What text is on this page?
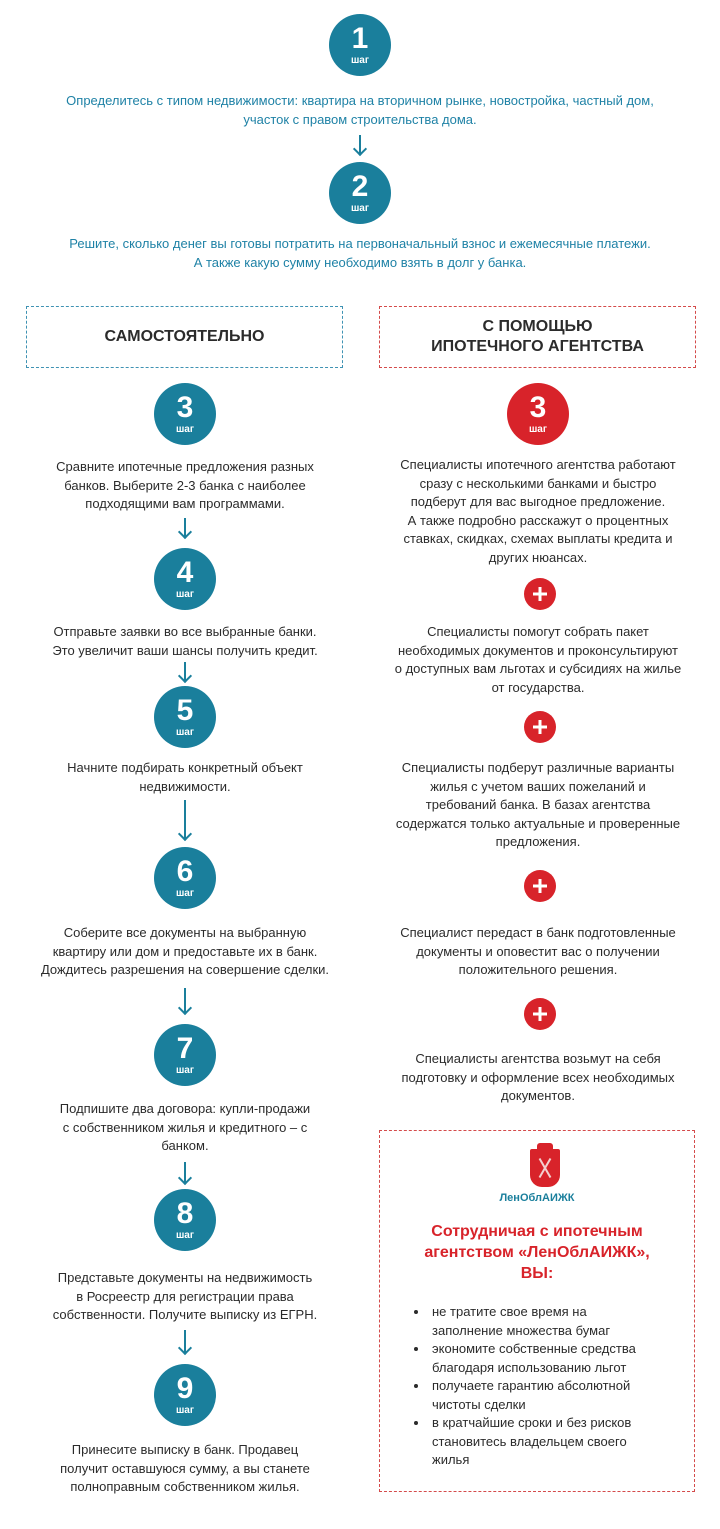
1
шаг
Определитесь с типом недвижимости: квартира на вторичном рынке, новостройка, частный дом,
участок с правом строительства дома.
2
шаг
Решите, сколько денег вы готовы потратить на первоначальный взнос и ежемесячные платежи.
А также какую сумму необходимо взять в долг у банка.
САМОСТОЯТЕЛЬНО
С ПОМОЩЬЮ
ИПОТЕЧНОГО АГЕНТСТВА
3
шаг
Сравните ипотечные предложения разных
банков. Выберите 2-3 банка с наиболее
подходящими вам программами.
4
шаг
Отправьте заявки во все выбранные банки.
Это увеличит ваши шансы получить кредит.
5
шаг
Начните подбирать конкретный объект
недвижимости.
6
шаг
Соберите все документы на выбранную
квартиру или дом и предоставьте их в банк.
Дождитесь разрешения на совершение сделки.
7
шаг
Подпишите два договора: купли-продажи
с собственником жилья и кредитного – с
банком.
8
шаг
Представьте документы на недвижимость
в Росреестр для регистрации права
собственности. Получите выписку из ЕГРН.
9
шаг
Принесите выписку в банк. Продавец
получит оставшуюся сумму, а вы станете
полноправным собственником жилья.
3
шаг
Специалисты ипотечного агентства работают
сразу с несколькими банками и быстро
подберут для вас выгодное предложение.
А также подробно расскажут о процентных
ставках, скидках, схемах выплаты кредита и
других нюансах.
Специалисты помогут собрать пакет
необходимых документов и проконсультируют
о доступных вам льготах и субсидиях на жилье
от государства.
Специалисты подберут различные варианты
жилья с учетом ваших пожеланий и
требований банка. В базах агентства
содержатся только актуальные и проверенные
предложения.
Специалист передаст в банк подготовленные
документы и оповестит вас о получении
положительного решения.
Специалисты агентства возьмут на себя
подготовку и оформление всех необходимых
документов.
ЛенОблАИЖК
Сотрудничая с ипотечным
агентством «ЛенОблАИЖК»,
ВЫ:
не тратите свое время на
заполнение множества бумаг
экономите собственные средства
благодаря использованию льгот
получаете гарантию абсолютной
чистоты сделки
в кратчайшие сроки и без рисков
становитесь владельцем своего
жилья
